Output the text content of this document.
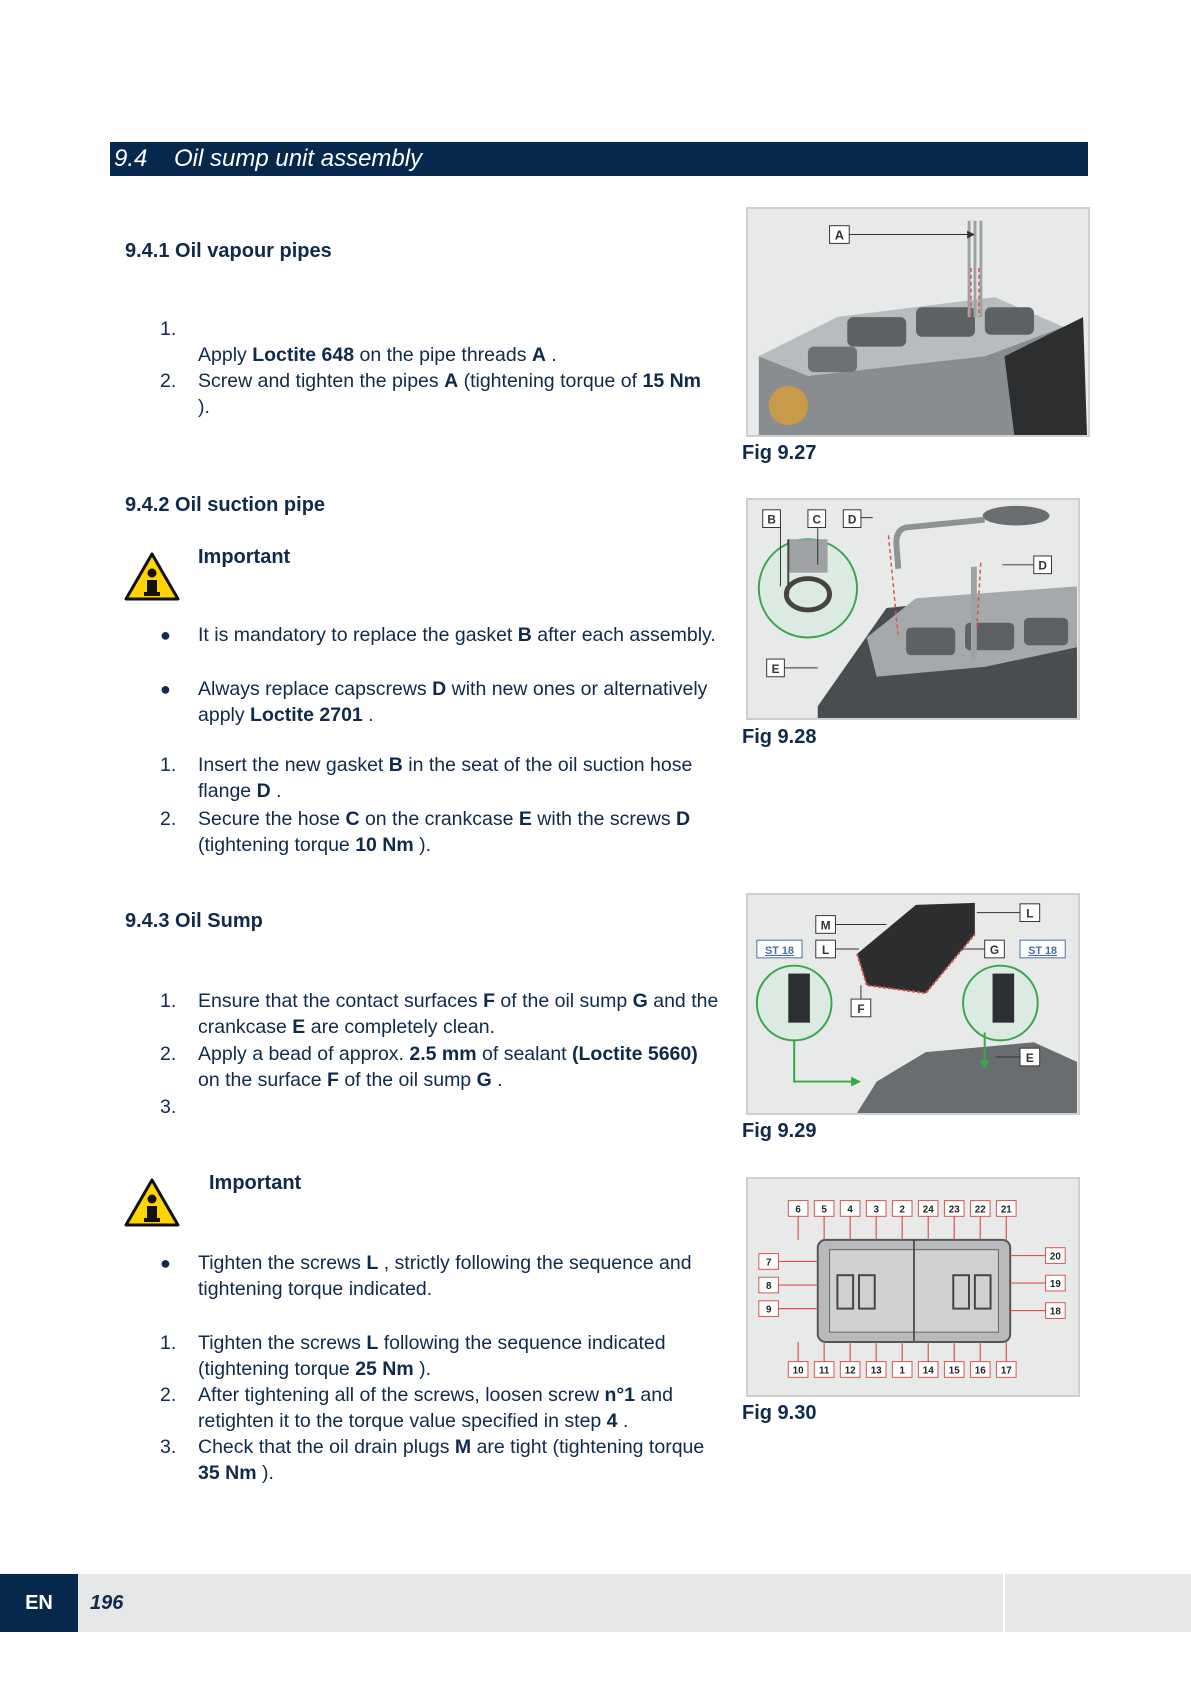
9.4 Oil sump unit assembly
9.4.1 Oil vapour pipes
1.
Apply Loctite 648 on the pipe threads A .
2. Screw and tighten the pipes A (tightening torque of 15 Nm
).
A
Fig 9.27
9.4.2 Oil suction pipe
Important
● It is mandatory to replace the gasket B after each assembly.
● Always replace capscrews D with new ones or alternatively apply Loctite 2701 .
1. Insert the new gasket B in the seat of the oil suction hose flange D .
2. Secure the hose C on the crankcase E with the screws D (tightening torque 10 Nm ).
B	C D
D
E
Fig 9.28
9.4.3 Oil Sump
1. Ensure that the contact surfaces F of the oil sump G and the crankcase E are completely clean.
2. Apply a bead of approx. 2.5 mm of sealant (Loctite 5660) on the surface F of the oil sump G .
3.
Important
● Tighten the screws L , strictly following the sequence and tightening torque indicated.
1. Tighten the screws L following the sequence indicated (tightening torque 25 Nm ).
2. After tightening all of the screws, loosen screw n°1 and retighten it to the torque value specified in step 4 .
3. Check that the oil drain plugs M are tight (tightening torque 35 Nm ).
M
L
L
G
F
E
ST 18	ST 18
Fig 9.29
6 5 4 3 2 24 23 22 21
10 11 12 13 1 14 15 16 17
7
8
9
20
19
18
Fig 9.30
EN	196
